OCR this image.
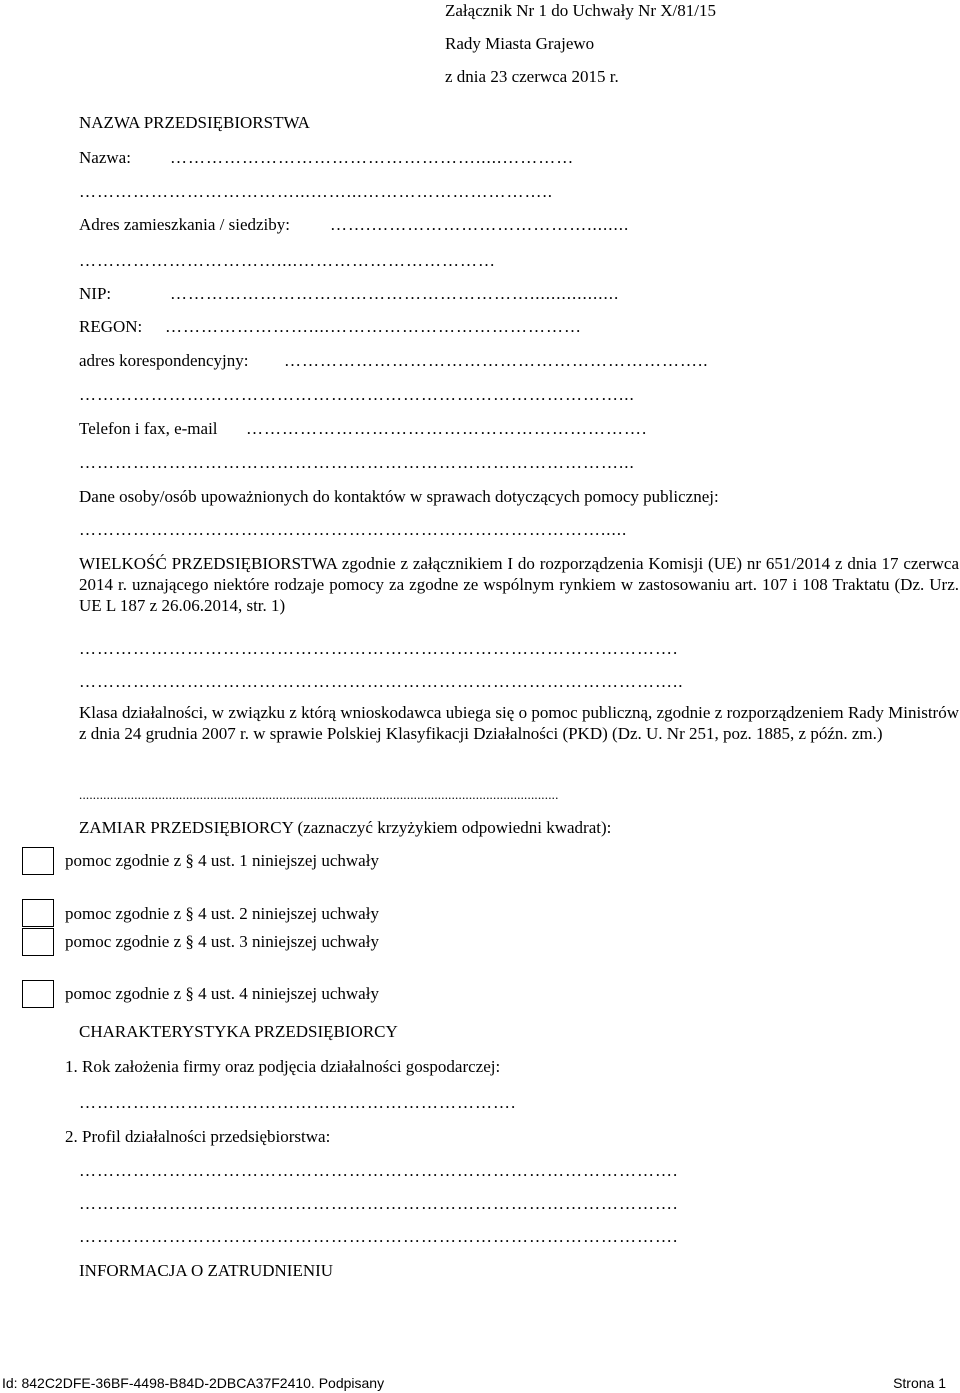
Załącznik Nr 1 do Uchwały Nr X/81/15
Rady Miasta Grajewo
z dnia 23 czerwca 2015 r.
NAZWA PRZEDSIĘBIORSTWA
Nazwa: …………………………………………….....…………
………………………………...……...…………………………..
Adres zamieszkania / siedziby: …….………………………………........
……………………………....……………………………
NIP:	…………………………………………………….................
REGON: ……………………....……………………………………
adres korespondencyjny: ……………………………………………………………..
………………………………………………………………………………...
Telefon i fax, e-mail ………………………………………………………….
………………………………………………………………………………...
Dane osoby/osób upoważnionych do kontaktów w sprawach dotyczących pomocy publicznej:
…………………………………………………………………………….....
WIELKOŚĆ PRZEDSIĘBIORSTWA zgodnie z załącznikiem I do rozporządzenia Komisji (UE) nr 651/2014 z dnia 17 czerwca 2014 r. uznającego niektóre rodzaje pomocy za zgodne ze wspólnym rynkiem w zastosowaniu art. 107 i 108 Traktatu (Dz. Urz. UE L 187 z 26.06.2014, str. 1)
……………………………………………………………………………………….
………………………………………………………………………………………..
Klasa działalności, w związku z którą wnioskodawca ubiega się o pomoc publiczną, zgodnie z rozporządzeniem Rady Ministrów z dnia 24 grudnia 2007 r. w sprawie Polskiej Klasyfikacji Działalności (PKD) (Dz. U. Nr 251, poz. 1885, z późn. zm.)
...........................................................................................................................................
ZAMIAR PRZEDSIĘBIORCY (zaznaczyć krzyżykiem odpowiedni kwadrat):
pomoc zgodnie z § 4 ust. 1 niniejszej uchwały
pomoc zgodnie z § 4 ust. 2 niniejszej uchwały
pomoc zgodnie z § 4 ust. 3 niniejszej uchwały
pomoc zgodnie z § 4 ust. 4 niniejszej uchwały
CHARAKTERYSTYKA PRZEDSIĘBIORCY
1. Rok założenia firmy oraz podjęcia działalności gospodarczej:
……………………………………………………………….
2. Profil działalności przedsiębiorstwa:
……………………………………………………………………………………….
……………………………………………………………………………………….
……………………………………………………………………………………….
INFORMACJA O ZATRUDNIENIU
Id: 842C2DFE-36BF-4498-B84D-2DBCA37F2410. Podpisany	Strona 1
